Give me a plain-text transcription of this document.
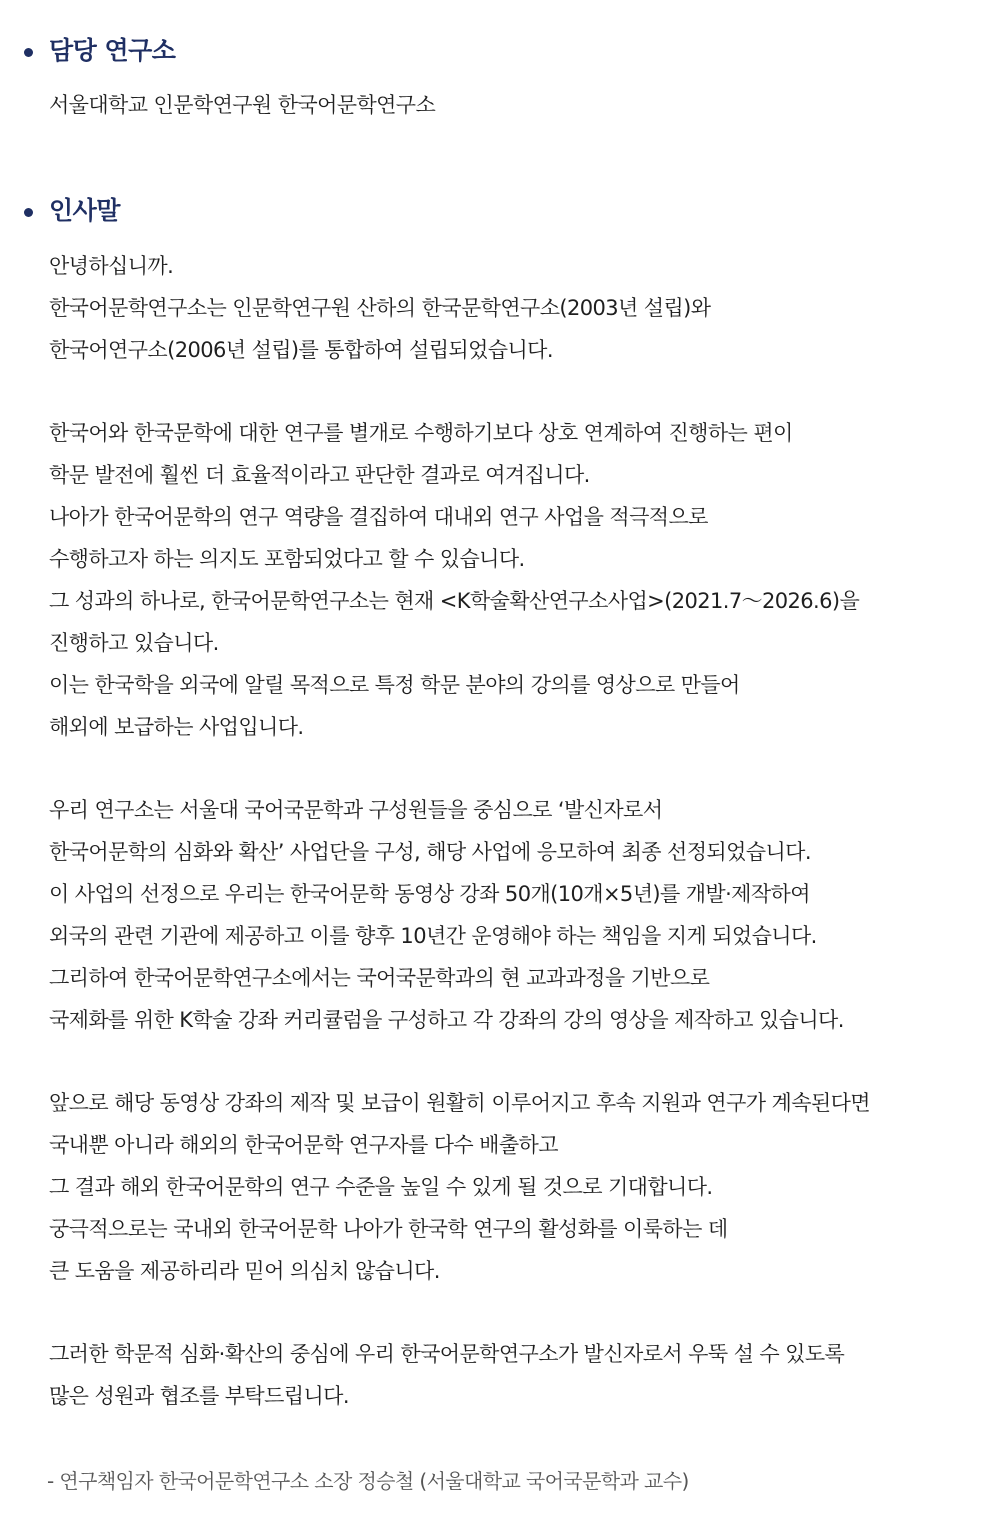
담당 연구소
서울대학교 인문학연구원 한국어문학연구소
인사말
안녕하십니까.
한국어문학연구소는 인문학연구원 산하의 한국문학연구소(2003년 설립)와
한국어연구소(2006년 설립)를 통합하여 설립되었습니다.
한국어와 한국문학에 대한 연구를 별개로 수행하기보다 상호 연계하여 진행하는 편이
학문 발전에 훨씬 더 효율적이라고 판단한 결과로 여겨집니다.
나아가 한국어문학의 연구 역량을 결집하여 대내외 연구 사업을 적극적으로
수행하고자 하는 의지도 포함되었다고 할 수 있습니다.
그 성과의 하나로, 한국어문학연구소는 현재 <K학술확산연구소사업>(2021.7～2026.6)을
진행하고 있습니다.
이는 한국학을 외국에 알릴 목적으로 특정 학문 분야의 강의를 영상으로 만들어
해외에 보급하는 사업입니다.
우리 연구소는 서울대 국어국문학과 구성원들을 중심으로 ‘발신자로서
한국어문학의 심화와 확산’ 사업단을 구성, 해당 사업에 응모하여 최종 선정되었습니다.
이 사업의 선정으로 우리는 한국어문학 동영상 강좌 50개(10개×5년)를 개발·제작하여
외국의 관련 기관에 제공하고 이를 향후 10년간 운영해야 하는 책임을 지게 되었습니다.
그리하여 한국어문학연구소에서는 국어국문학과의 현 교과과정을 기반으로
국제화를 위한 K학술 강좌 커리큘럼을 구성하고 각 강좌의 강의 영상을 제작하고 있습니다.
앞으로 해당 동영상 강좌의 제작 및 보급이 원활히 이루어지고 후속 지원과 연구가 계속된다면
국내뿐 아니라 해외의 한국어문학 연구자를 다수 배출하고
그 결과 해외 한국어문학의 연구 수준을 높일 수 있게 될 것으로 기대합니다.
궁극적으로는 국내외 한국어문학 나아가 한국학 연구의 활성화를 이룩하는 데
큰 도움을 제공하리라 믿어 의심치 않습니다.
그러한 학문적 심화·확산의 중심에 우리 한국어문학연구소가 발신자로서 우뚝 설 수 있도록
많은 성원과 협조를 부탁드립니다.
- 연구책임자 한국어문학연구소 소장 정승철 (서울대학교 국어국문학과 교수)
